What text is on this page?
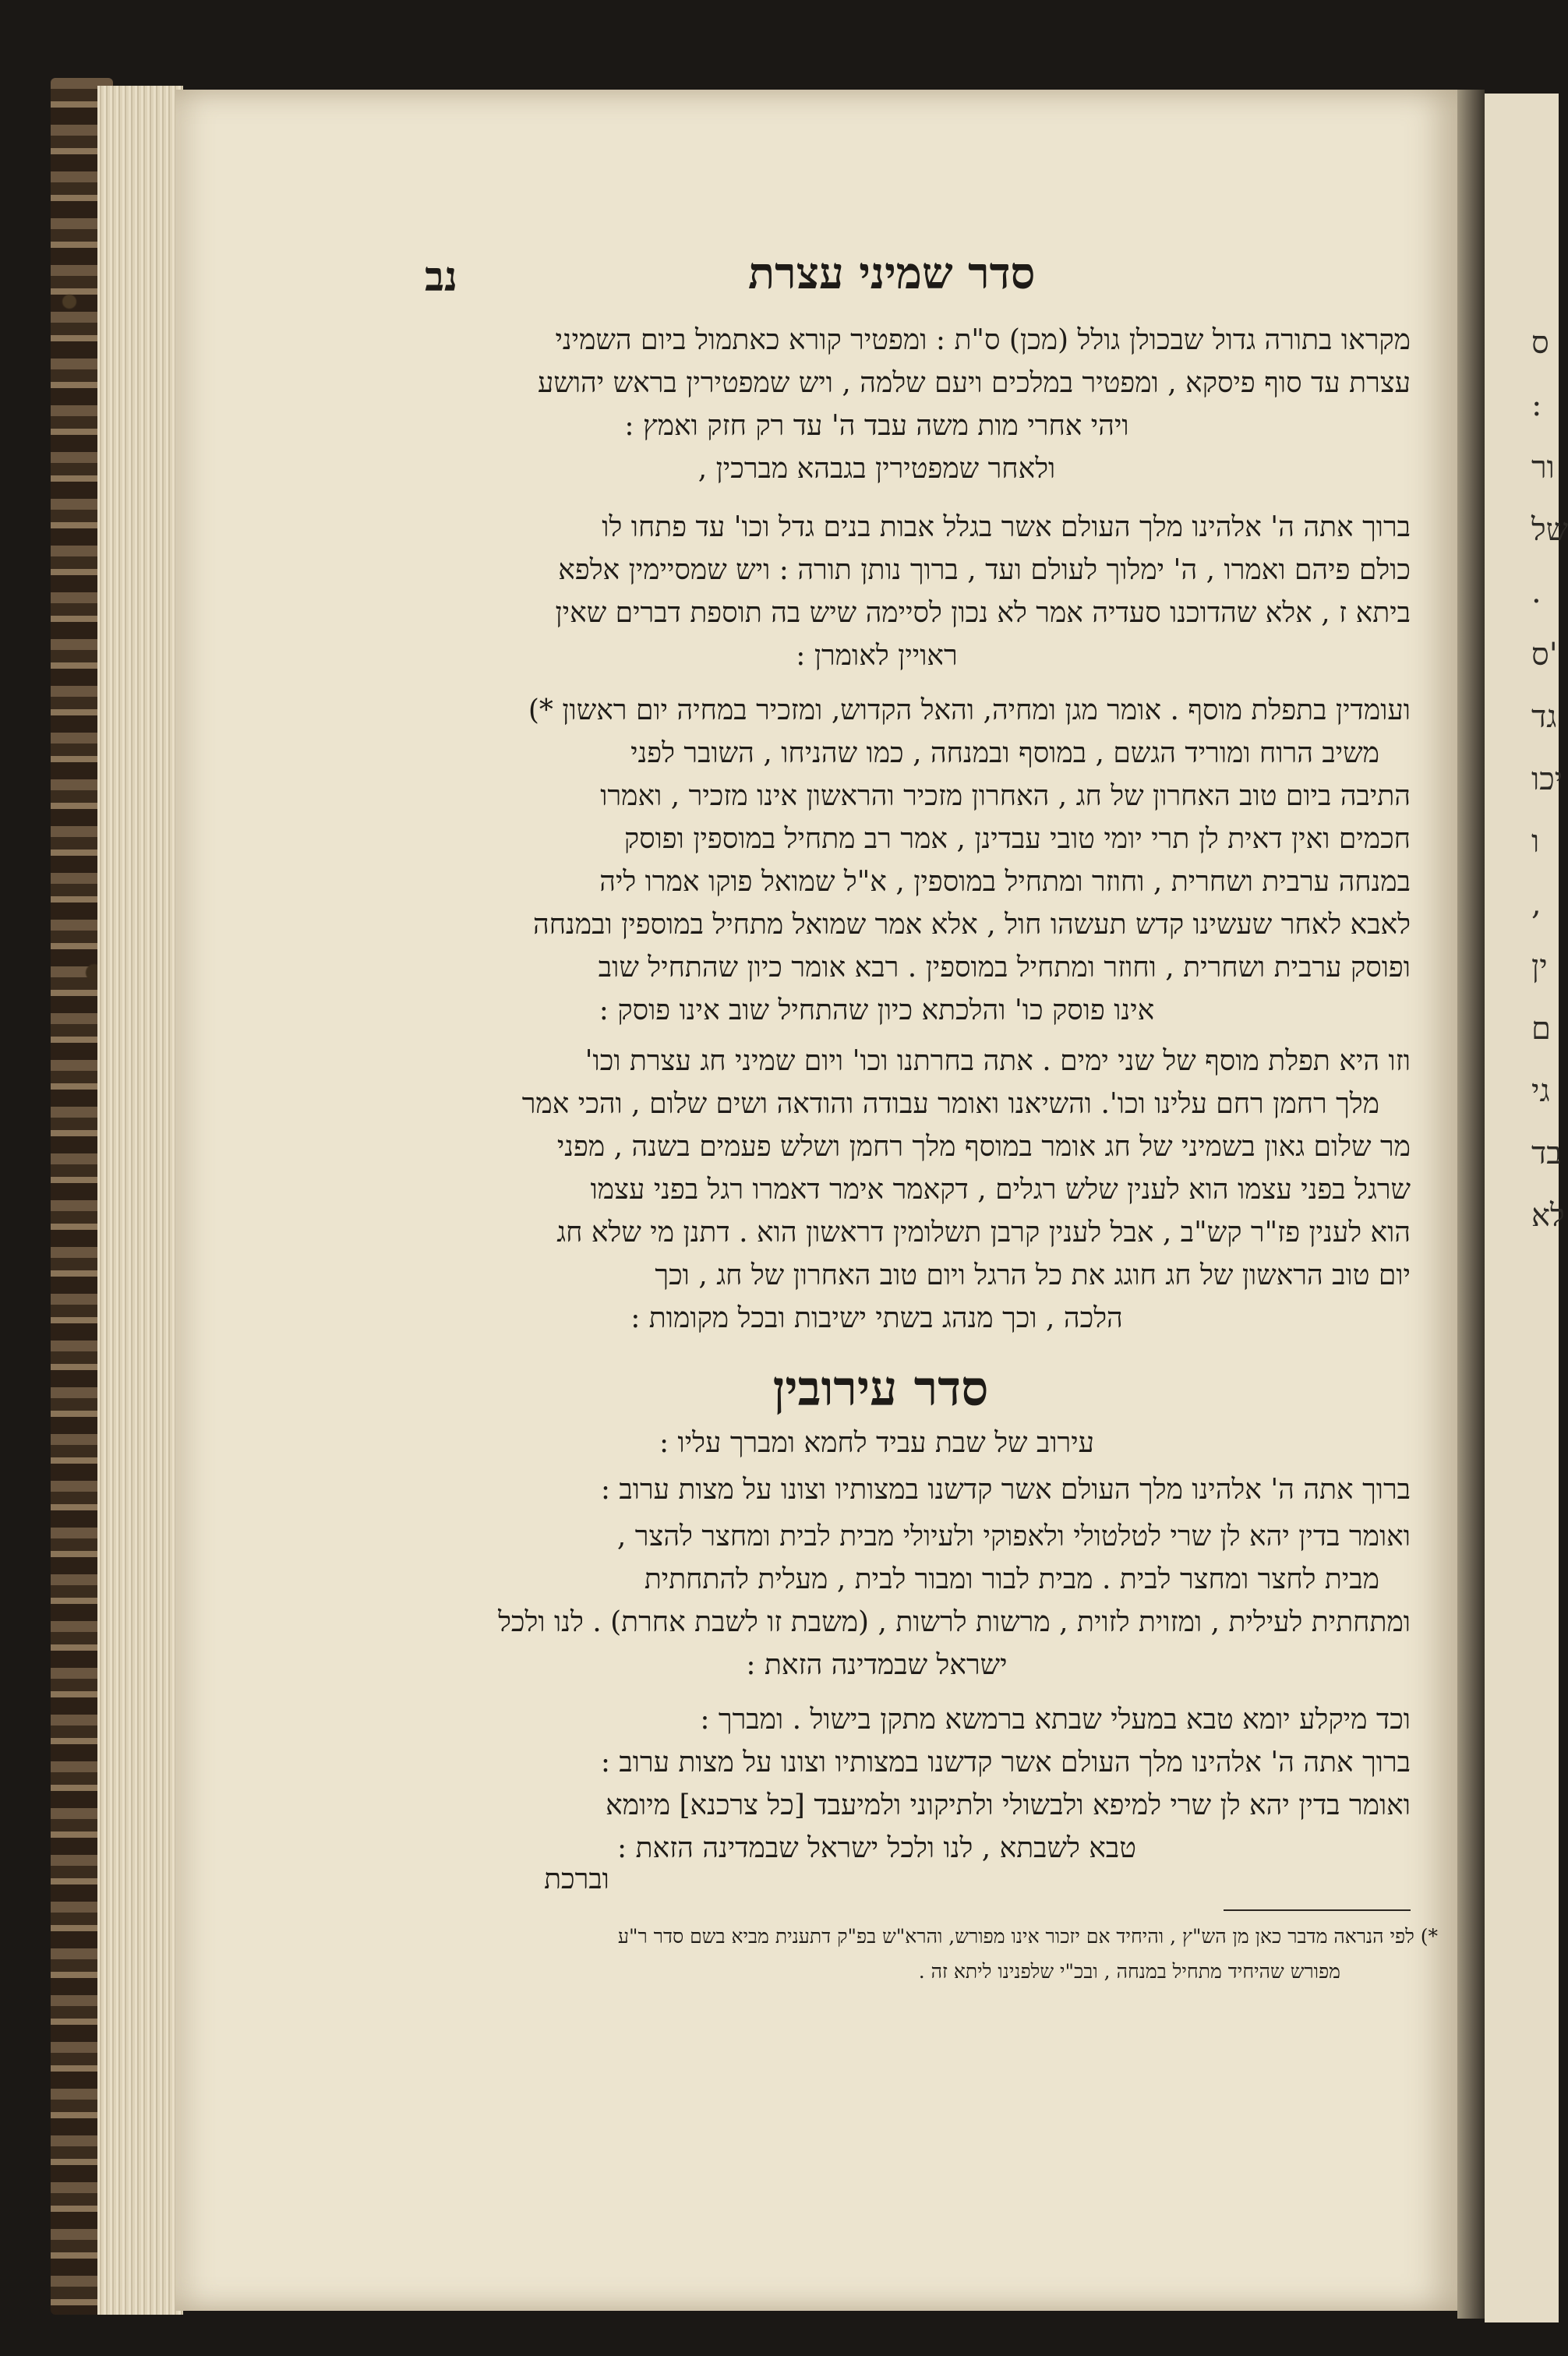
ס :
ור
של
.
ס'
גד
יכו
ו ,
ין
ם
גי
בד
לא
נב	סדר שמיני עצרת
מקראו בתורה גדול שבכולן גולל (מכן) ס"ת : ומפטיר קורא כאתמול ביום השמיני
עצרת עד סוף פיסקא , ומפטיר במלכים ויעם שלמה , ויש שמפטירין בראש יהושע
ויהי אחרי מות משה עבד ה' עד רק חזק ואמץ :
ולאחר שמפטירין בגבהא מברכין ,
ברוך אתה ה' אלהינו מלך העולם אשר בגלל אבות בנים גדל וכו' עד פתחו לו
כולם פיהם ואמרו , ה' ימלוך לעולם ועד , ברוך נותן תורה : ויש שמסיימין אלפא
ביתא ז , אלא שהדוכנו סעדיה אמר לא נכון לסיימה שיש בה תוספת דברים שאין
ראויין לאומרן :
ועומדין בתפלת מוסף . אומר מגן ומחיה, והאל הקדוש, ומזכיר במחיה יום ראשון *)
משיב הרוח ומוריד הגשם , במוסף ובמנחה , כמו שהניחו , השובר לפני
התיבה ביום טוב האחרון של חג , האחרון מזכיר והראשון אינו מזכיר , ואמרו
חכמים ואין דאית לן תרי יומי טובי עבדינן , אמר רב מתחיל במוספין ופוסק
במנחה ערבית ושחרית , וחוזר ומתחיל במוספין , א"ל שמואל פוקו אמרו ליה
לאבא לאחר שעשינו קדש תעשהו חול , אלא אמר שמואל מתחיל במוספין ובמנחה
ופוסק ערבית ושחרית , וחוזר ומתחיל במוספין . רבא אומר כיון שהתחיל שוב
אינו פוסק כו' והלכתא כיון שהתחיל שוב אינו פוסק :
וזו היא תפלת מוסף של שני ימים . אתה בחרתנו וכו' ויום שמיני חג עצרת וכו'
מלך רחמן רחם עלינו וכו'. והשיאנו ואומר עבודה והודאה ושים שלום , והכי אמר
מר שלום גאון בשמיני של חג אומר במוסף מלך רחמן ושלש פעמים בשנה , מפני
שרגל בפני עצמו הוא לענין שלש רגלים , דקאמר אימר דאמרו רגל בפני עצמו
הוא לענין פז"ר קש"ב , אבל לענין קרבן תשלומין דראשון הוא . דתנן מי שלא חג
יום טוב הראשון של חג חוגג את כל הרגל ויום טוב האחרון של חג , וכך
הלכה , וכך מנהג בשתי ישיבות ובכל מקומות :
סדר עירובין
עירוב של שבת עביד לחמא ומברך עליו :
ברוך אתה ה' אלהינו מלך העולם אשר קדשנו במצותיו וצונו על מצות ערוב :
ואומר בדין יהא לן שרי לטלטולי ולאפוקי ולעיולי מבית לבית ומחצר להצר ,
מבית לחצר ומחצר לבית . מבית לבור ומבור לבית , מעלית להתחתית
ומתחתית לעילית , ומזוית לזוית , מרשות לרשות , (משבת זו לשבת אחרת) . לנו ולכל
ישראל שבמדינה הזאת :
וכד מיקלע יומא טבא במעלי שבתא ברמשא מתקן בישול . ומברך :
ברוך אתה ה' אלהינו מלך העולם אשר קדשנו במצותיו וצונו על מצות ערוב :
ואומר בדין יהא לן שרי למיפא ולבשולי ולתיקוני ולמיעבד [כל צרכנא] מיומא
טבא לשבתא , לנו ולכל ישראל שבמדינה הזאת :
וברכת
*) לפי הנראה מדבר כאן מן הש"ץ , והיחיד אם יזכור אינו מפורש, והרא"ש בפ"ק דתענית מביא בשם סדר ר"ע
מפורש שהיחיד מתחיל במנחה , ובכ"י שלפנינו ליתא זה .
